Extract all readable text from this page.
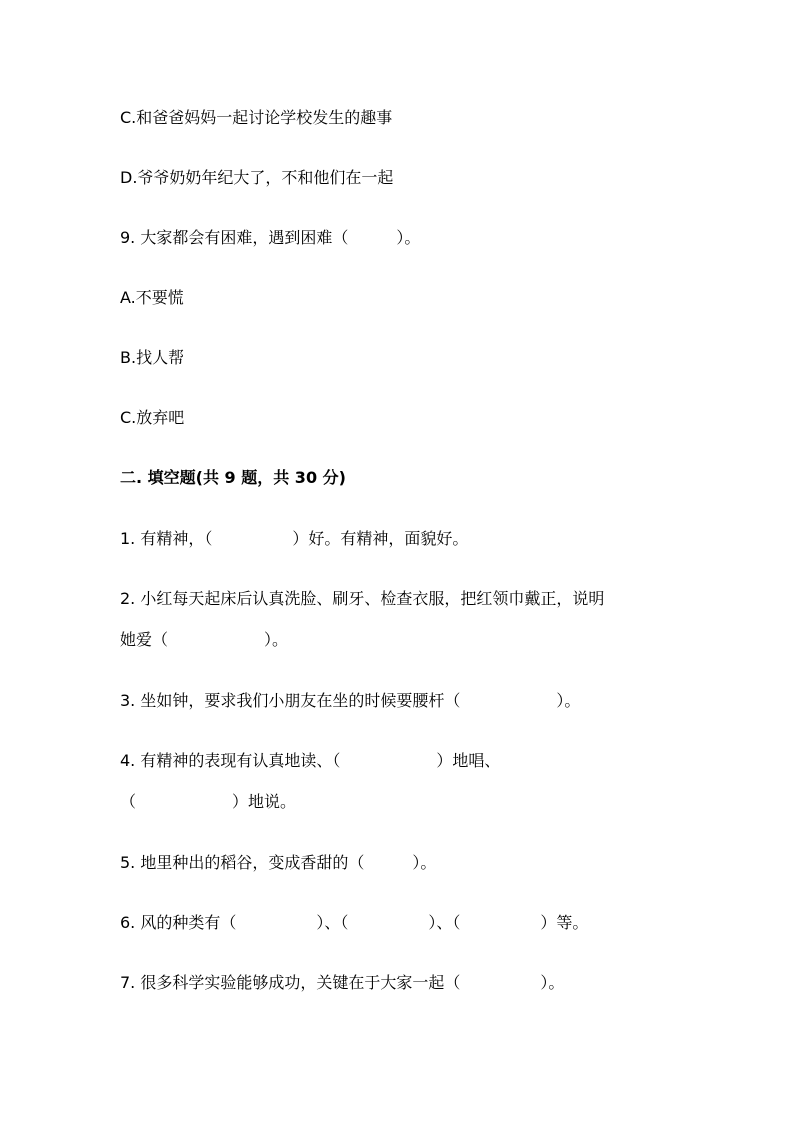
C.和爸爸妈妈一起讨论学校发生的趣事

D.爷爷奶奶年纪大了，不和他们在一起

9. 大家都会有困难，遇到困难（　　　）。

A.不要慌

B.找人帮

C.放弃吧

二. 填空题(共 9 题，共 30 分)

1. 有精神，（　　　　　）好。有精神，面貌好。

2. 小红每天起床后认真洗脸、刷牙、检查衣服，把红领巾戴正，说明

她爱（　　　　　　）。

3. 坐如钟，要求我们小朋友在坐的时候要腰杆（　　　　　　）。

4. 有精神的表现有认真地读、（　　　　　　）地唱、

（　　　　　　）地说。

5. 地里种出的稻谷，变成香甜的（　　　）。

6. 风的种类有（　　　　　）、（　　　　　）、（　　　　　）等。

7. 很多科学实验能够成功，关键在于大家一起（　　　　　）。
